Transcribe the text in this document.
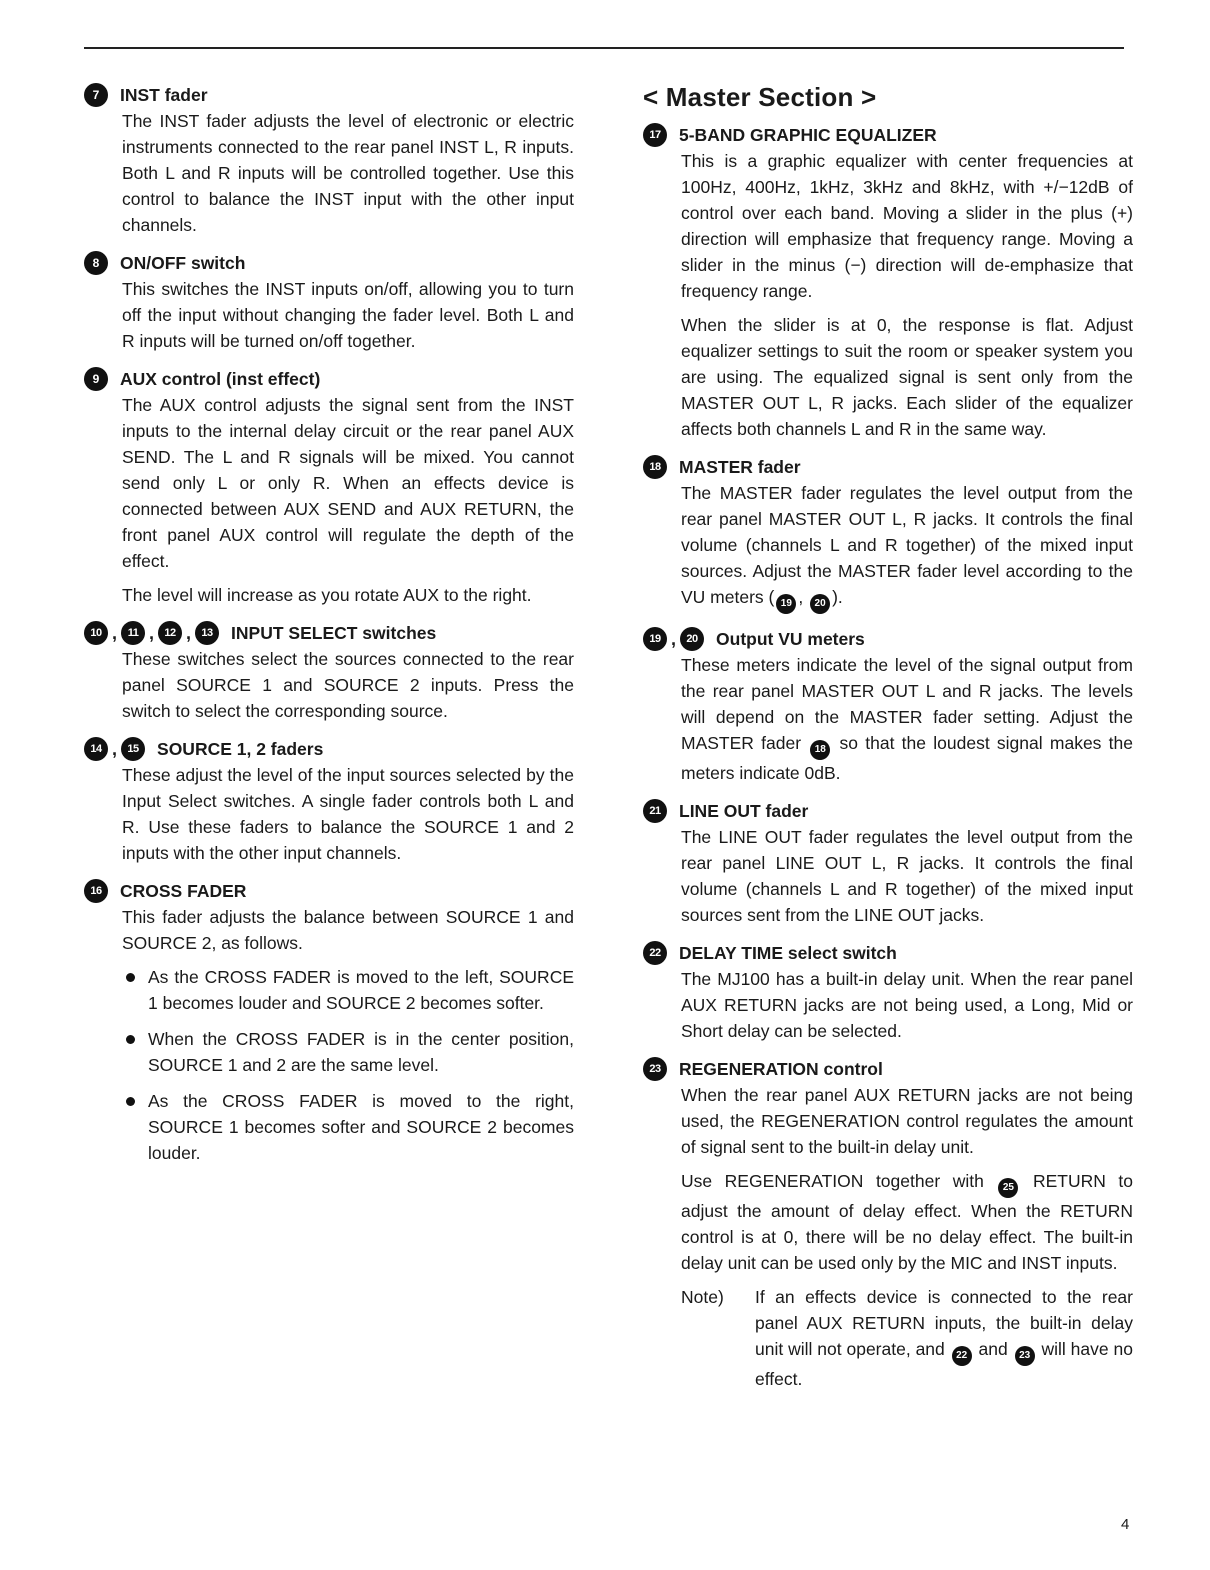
7	INST fader

The INST fader adjusts the level of electronic or electric instruments connected to the rear panel INST L, R inputs. Both L and R inputs will be controlled together. Use this control to balance the INST input with the other input channels.

8	ON/OFF switch

This switches the INST inputs on/off, allowing you to turn off the input without changing the fader level. Both L and R inputs will be turned on/off together.

9	AUX control (inst effect)

The AUX control adjusts the signal sent from the INST inputs to the internal delay circuit or the rear panel AUX SEND. The L and R signals will be mixed. You cannot send only L or only R. When an effects device is connected between AUX SEND and AUX RETURN, the front panel AUX control will regulate the depth of the effect.

The level will increase as you rotate AUX to the right.

10 , 11 , 12 , 13	INPUT SELECT switches

These switches select the sources connected to the rear panel SOURCE 1 and SOURCE 2 inputs. Press the switch to select the corresponding source.

14 , 15	SOURCE 1, 2 faders

These adjust the level of the input sources selected by the Input Select switches. A single fader controls both L and R. Use these faders to balance the SOURCE 1 and 2 inputs with the other input channels.

16	CROSS FADER

This fader adjusts the balance between SOURCE 1 and SOURCE 2, as follows.

As the CROSS FADER is moved to the left, SOURCE 1 becomes louder and SOURCE 2 becomes softer.
When the CROSS FADER is in the center position, SOURCE 1 and 2 are the same level.
As the CROSS FADER is moved to the right, SOURCE 1 becomes softer and SOURCE 2 becomes louder.
< Master Section >
17	5-BAND GRAPHIC EQUALIZER

This is a graphic equalizer with center frequencies at 100Hz, 400Hz, 1kHz, 3kHz and 8kHz, with +/−12dB of control over each band. Moving a slider in the plus (+) direction will emphasize that frequency range. Moving a slider in the minus (−) direction will de-emphasize that frequency range.

When the slider is at 0, the response is flat. Adjust equalizer settings to suit the room or speaker system you are using. The equalized signal is sent only from the MASTER OUT L, R jacks. Each slider of the equalizer affects both channels L and R in the same way.

18	MASTER fader

The MASTER fader regulates the level output from the rear panel MASTER OUT L, R jacks. It controls the final volume (channels L and R together) of the mixed input sources. Adjust the MASTER fader level according to the VU meters ( 19 , 20 ).

19 , 20	Output VU meters

These meters indicate the level of the signal output from the rear panel MASTER OUT L and R jacks. The levels will depend on the MASTER fader setting. Adjust the MASTER fader 18 so that the loudest signal makes the meters indicate 0dB.

21	LINE OUT fader

The LINE OUT fader regulates the level output from the rear panel LINE OUT L, R jacks. It controls the final volume (channels L and R together) of the mixed input sources sent from the LINE OUT jacks.

22	DELAY TIME select switch

The MJ100 has a built-in delay unit. When the rear panel AUX RETURN jacks are not being used, a Long, Mid or Short delay can be selected.

23	REGENERATION control

When the rear panel AUX RETURN jacks are not being used, the REGENERATION control regulates the amount of signal sent to the built-in delay unit.

Use REGENERATION together with 25 RETURN to adjust the amount of delay effect. When the RETURN control is at 0, there will be no delay effect. The built-in delay unit can be used only by the MIC and INST inputs.

Note)	If an effects device is connected to the rear panel AUX RETURN inputs, the built-in delay unit will not operate, and 22 and 23 will have no effect.
4
